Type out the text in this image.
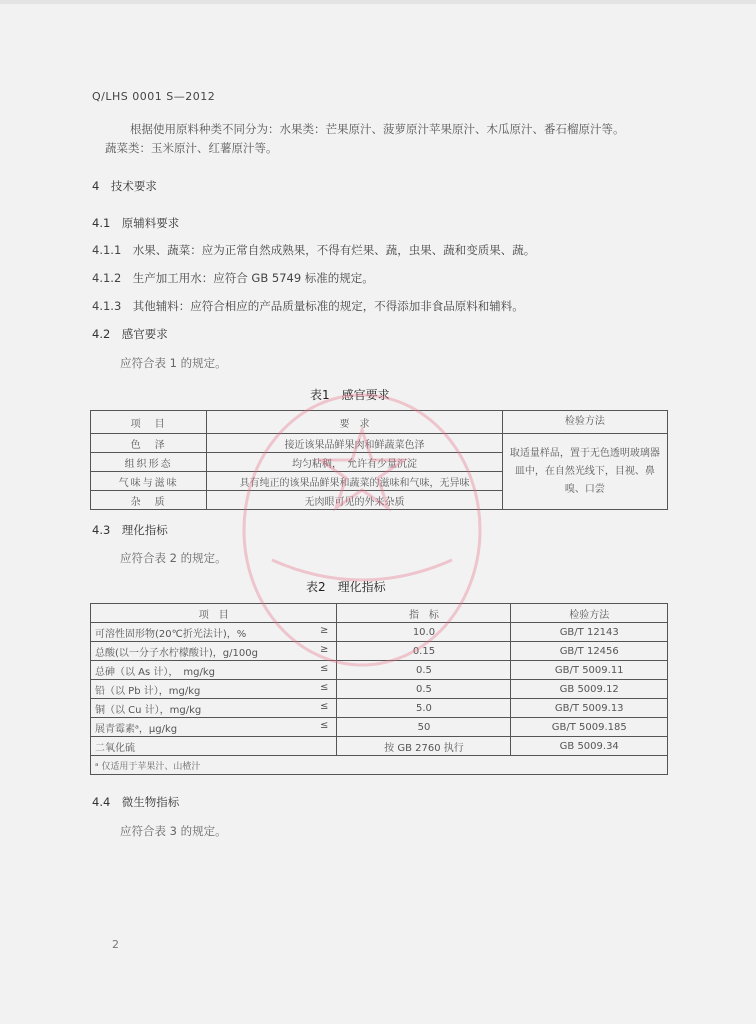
Q/LHS 0001 S—2012
根据使用原料种类不同分为：水果类：芒果原汁、菠萝原汁苹果原汁、木瓜原汁、番石榴原汁等。
蔬菜类：玉米原汁、红薯原汁等。
4　技术要求
4.1　原辅料要求
4.1.1　水果、蔬菜：应为正常自然成熟果，不得有烂果、蔬，虫果、蔬和变质果、蔬。
4.1.2　生产加工用水：应符合 GB 5749 标准的规定。
4.1.3　其他辅料：应符合相应的产品质量标准的规定，不得添加非食品原料和辅料。
4.2　感官要求
应符合表 1 的规定。
表1　感官要求
项　目	要　求	检验方法
色　泽	接近该果品鲜果肉和鲜蔬菜色泽	取适量样品，置于无色透明玻璃器皿中，在自然光线下，目视、鼻嗅、口尝
组织形态	均匀粘稠，　允许有少量沉淀	
气味与滋味	具有纯正的该果品鲜果和蔬菜的滋味和气味，无异味	
杂　质	无肉眼可见的外来杂质	
4.3　理化指标
应符合表 2 的规定。
表2　理化指标
项　目	指　标	检验方法
可溶性固形物(20℃折光法计)，% ≥	10.0	GB/T 12143
总酸(以一分子水柠檬酸计)，g/100g ≥	0.15	GB/T 12456
总砷（以 As 计），　mg/kg ≤	0.5	GB/T 5009.11
铅（以 Pb 计），mg/kg ≤	0.5	GB 5009.12
铜（以 Cu 计），mg/kg ≤	5.0	GB/T 5009.13
展青霉素ᵃ，μg/kg ≤	50	GB/T 5009.185
二氧化硫	按 GB 2760 执行	GB 5009.34
ᵃ 仅适用于苹果汁、山楂汁		
4.4　微生物指标
应符合表 3 的规定。
2
